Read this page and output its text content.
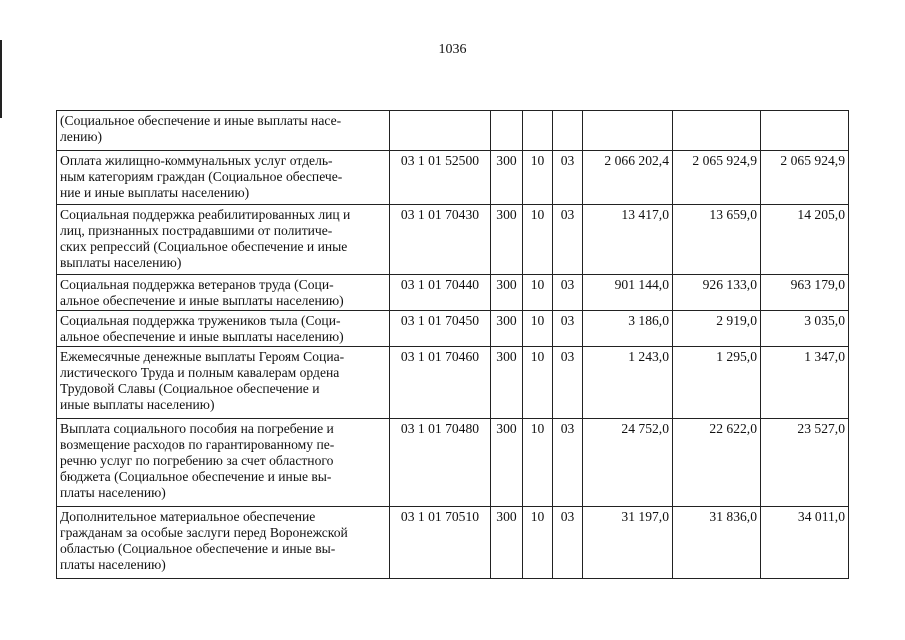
1036
(Социальное обеспечение и иные выплаты насе-
лению)							
Оплата жилищно-коммунальных услуг отдель-
ным категориям граждан (Социальное обеспече-
ние и иные выплаты населению)	03 1 01 52500	300	10	03	2 066 202,4	2 065 924,9	2 065 924,9
Социальная поддержка реабилитированных лиц и
лиц, признанных пострадавшими от политиче-
ских репрессий (Социальное обеспечение и иные
выплаты населению)	03 1 01 70430	300	10	03	13 417,0	13 659,0	14 205,0
Социальная поддержка ветеранов труда (Соци-
альное обеспечение и иные выплаты населению)	03 1 01 70440	300	10	03	901 144,0	926 133,0	963 179,0
Социальная поддержка тружеников тыла (Соци-
альное обеспечение и иные выплаты населению)	03 1 01 70450	300	10	03	3 186,0	2 919,0	3 035,0
Ежемесячные денежные выплаты Героям Социа-
листического Труда и полным кавалерам ордена
Трудовой Славы (Социальное обеспечение и
иные выплаты населению)	03 1 01 70460	300	10	03	1 243,0	1 295,0	1 347,0
Выплата социального пособия на погребение и
возмещение расходов по гарантированному пе-
речню услуг по погребению за счет областного
бюджета (Социальное обеспечение и иные вы-
платы населению)	03 1 01 70480	300	10	03	24 752,0	22 622,0	23 527,0
Дополнительное материальное обеспечение
гражданам за особые заслуги перед Воронежской
областью (Социальное обеспечение и иные вы-
платы населению)	03 1 01 70510	300	10	03	31 197,0	31 836,0	34 011,0
